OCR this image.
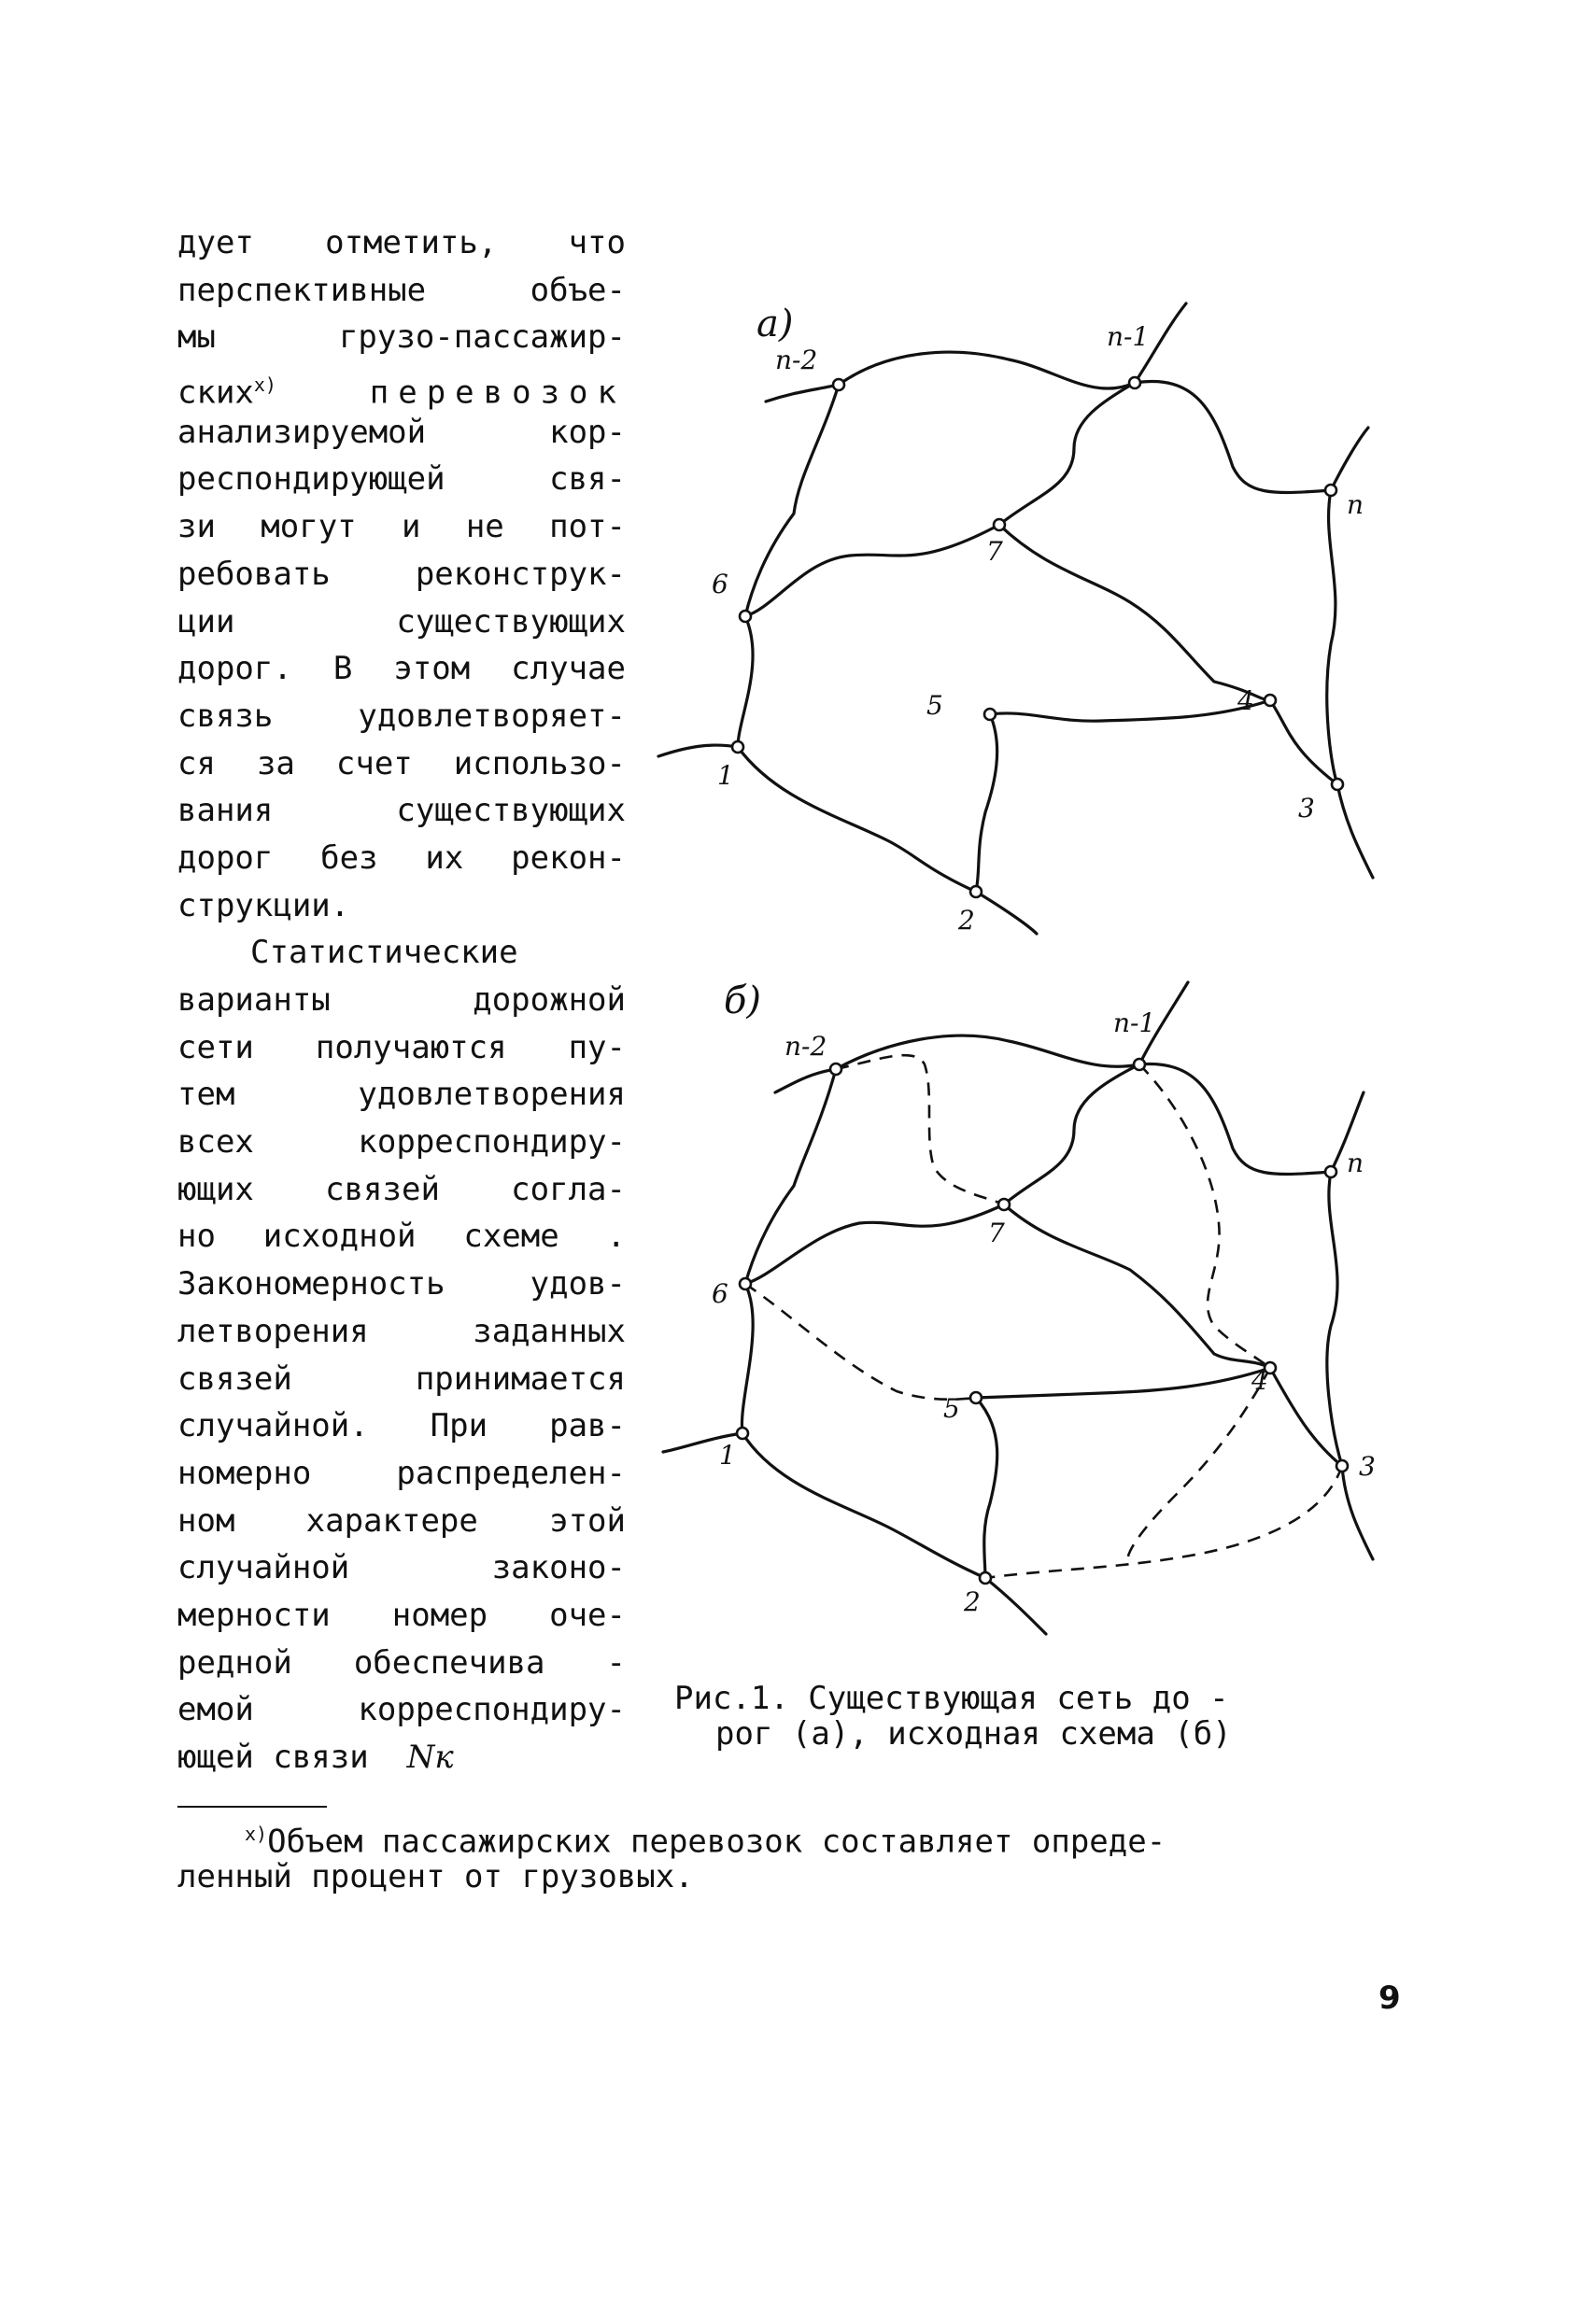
дует отметить, что
перспективные объе-
мы грузо-пассажир-
ских$^{x)}$	перевозок
анализируемой кор-
респондирующей свя-
зи могут и не пот-
ребовать реконструк-
ции существующих
дорог. В этом случае
связь удовлетворяет-
ся за счет использо-
вания существующих
дорог без их рекон-
струкции.
Статистические
варианты дорожной
сети получаются пу-
тем удовлетворения
всех корреспондиру-
ющих связей согла-
но исходной схеме .
Закономерность удов-
летворения заданных
связей принимается
случайной. При рав-
номерно распределен-
ном характере этой
случайной законо-
мерности номер оче-
редной обеспечива -
емой корреспондиру-
ющей связи Nк
а)
п-2
п-1
п
7
6
4
5
1
3
2
б)
п-2
п-1
п
7
6
4
5
1	3
2
Рис.1. Существующая сеть до -
рог (а), исходная схема (б)
$^{x)}$Объем пассажирских перевозок составляет опреде-
ленный процент от грузовых.
9
